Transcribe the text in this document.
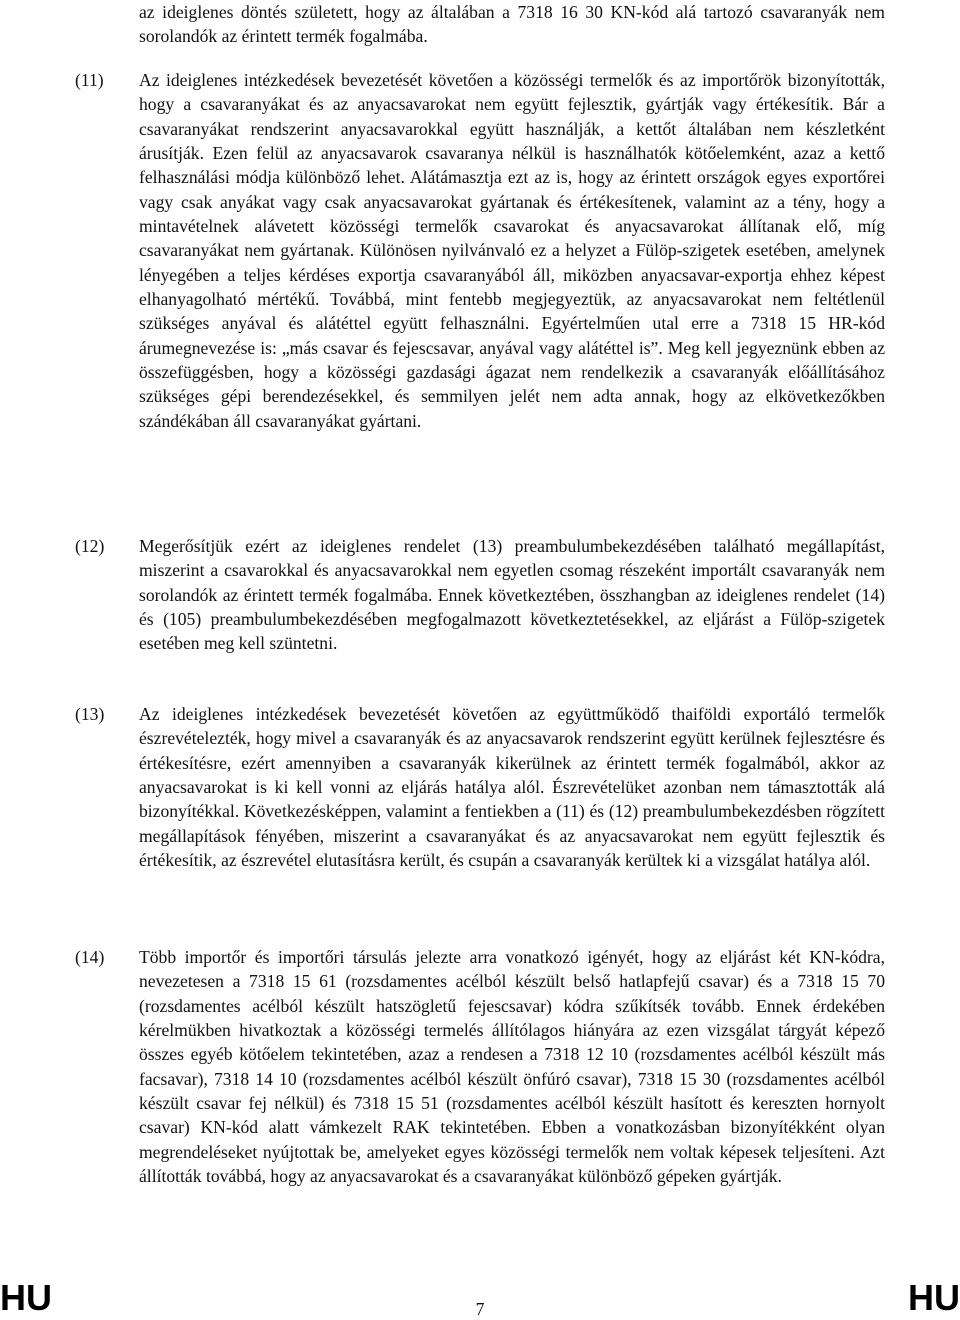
az ideiglenes döntés született, hogy az általában a 7318 16 30 KN-kód alá tartozó csavaranyák nem sorolandók az érintett termék fogalmába.
(11)	Az ideiglenes intézkedések bevezetését követően a közösségi termelők és az importőrök bizonyították, hogy a csavaranyákat és az anyacsavarokat nem együtt fejlesztik, gyártják vagy értékesítik. Bár a csavaranyákat rendszerint anyacsavarokkal együtt használják, a kettőt általában nem készletként árusítják. Ezen felül az anyacsavarok csavaranya nélkül is használhatók kötőelemként, azaz a kettő felhasználási módja különböző lehet. Alátámasztja ezt az is, hogy az érintett országok egyes exportőrei vagy csak anyákat vagy csak anyacsavarokat gyártanak és értékesítenek, valamint az a tény, hogy a mintavételnek alávetett közösségi termelők csavarokat és anyacsavarokat állítanak elő, míg csavaranyákat nem gyártanak. Különösen nyilvánvaló ez a helyzet a Fülöp-szigetek esetében, amelynek lényegében a teljes kérdéses exportja csavaranyából áll, miközben anyacsavar-exportja ehhez képest elhanyagolható mértékű. Továbbá, mint fentebb megjegyeztük, az anyacsavarokat nem feltétlenül szükséges anyával és alátéttel együtt felhasználni. Egyértelműen utal erre a 7318 15 HR-kód árumegnevezése is: „más csavar és fejescsavar, anyával vagy alátéttel is”. Meg kell jegyeznünk ebben az összefüggésben, hogy a közösségi gazdasági ágazat nem rendelkezik a csavaranyák előállításához szükséges gépi berendezésekkel, és semmilyen jelét nem adta annak, hogy az elkövetkezőkben szándékában áll csavaranyákat gyártani.
(12)	Megerősítjük ezért az ideiglenes rendelet (13) preambulumbekezdésében található megállapítást, miszerint a csavarokkal és anyacsavarokkal nem egyetlen csomag részeként importált csavaranyák nem sorolandók az érintett termék fogalmába. Ennek következtében, összhangban az ideiglenes rendelet (14) és (105) preambulumbekezdésében megfogalmazott következtetésekkel, az eljárást a Fülöp-szigetek esetében meg kell szüntetni.
(13)	Az ideiglenes intézkedések bevezetését követően az együttműködő thaiföldi exportáló termelők észrevételezték, hogy mivel a csavaranyák és az anyacsavarok rendszerint együtt kerülnek fejlesztésre és értékesítésre, ezért amennyiben a csavaranyák kikerülnek az érintett termék fogalmából, akkor az anyacsavarokat is ki kell vonni az eljárás hatálya alól. Észrevételüket azonban nem támasztották alá bizonyítékkal. Következésképpen, valamint a fentiekben a (11) és (12) preambulumbekezdésben rögzített megállapítások fényében, miszerint a csavaranyákat és az anyacsavarokat nem együtt fejlesztik és értékesítik, az észrevétel elutasításra került, és csupán a csavaranyák kerültek ki a vizsgálat hatálya alól.
(14)	Több importőr és importőri társulás jelezte arra vonatkozó igényét, hogy az eljárást két KN-kódra, nevezetesen a 7318 15 61 (rozsdamentes acélból készült belső hatlapfejű csavar) és a 7318 15 70 (rozsdamentes acélból készült hatszögletű fejescsavar) kódra szűkítsék tovább. Ennek érdekében kérelmükben hivatkoztak a közösségi termelés állítólagos hiányára az ezen vizsgálat tárgyát képező összes egyéb kötőelem tekintetében, azaz a rendesen a 7318 12 10 (rozsdamentes acélból készült más facsavar), 7318 14 10 (rozsdamentes acélból készült önfúró csavar), 7318 15 30 (rozsdamentes acélból készült csavar fej nélkül) és 7318 15 51 (rozsdamentes acélból készült hasított és kereszten hornyolt csavar) KN-kód alatt vámkezelt RAK tekintetében. Ebben a vonatkozásban bizonyítékként olyan megrendeléseket nyújtottak be, amelyeket egyes közösségi termelők nem voltak képesek teljesíteni. Azt állították továbbá, hogy az anyacsavarokat és a csavaranyákat különböző gépeken gyártják.
HU	7	HU
